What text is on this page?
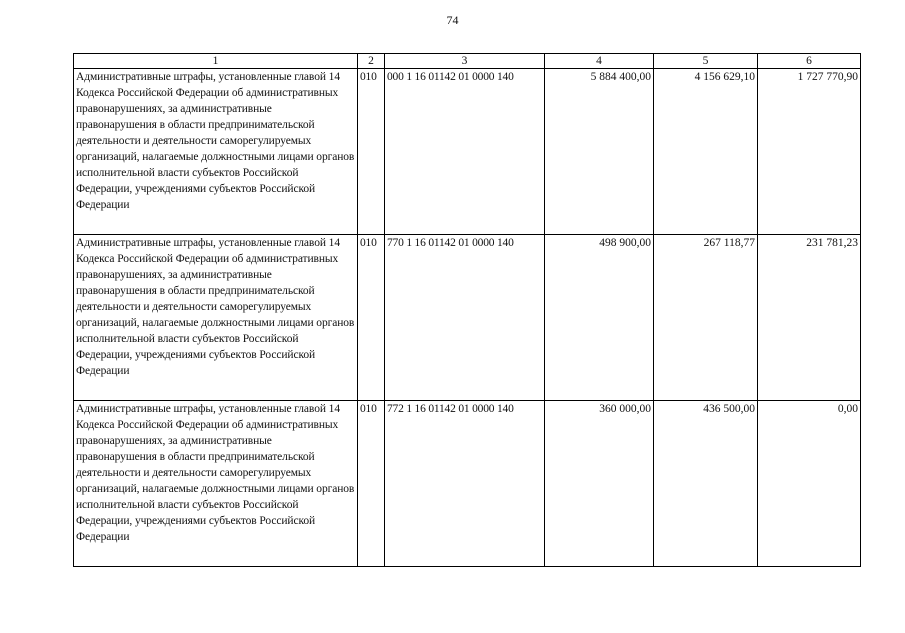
74
1	2	3	4	5	6
Административные штрафы, установленные главой 14 Кодекса Российской Федерации об административных правонарушениях, за административные правонарушения в области предпринимательской деятельности и деятельности саморегулируемых организаций, налагаемые должностными лицами органов исполнительной власти субъектов Российской Федерации, учреждениями субъектов Российской Федерации	010	000 1 16 01142 01 0000 140	5 884 400,00	4 156 629,10	1 727 770,90
Административные штрафы, установленные главой 14 Кодекса Российской Федерации об административных правонарушениях, за административные правонарушения в области предпринимательской деятельности и деятельности саморегулируемых организаций, налагаемые должностными лицами органов исполнительной власти субъектов Российской Федерации, учреждениями субъектов Российской Федерации	010	770 1 16 01142 01 0000 140	498 900,00	267 118,77	231 781,23
Административные штрафы, установленные главой 14 Кодекса Российской Федерации об административных правонарушениях, за административные правонарушения в области предпринимательской деятельности и деятельности саморегулируемых организаций, налагаемые должностными лицами органов исполнительной власти субъектов Российской Федерации, учреждениями субъектов Российской Федерации	010	772 1 16 01142 01 0000 140	360 000,00	436 500,00	0,00
